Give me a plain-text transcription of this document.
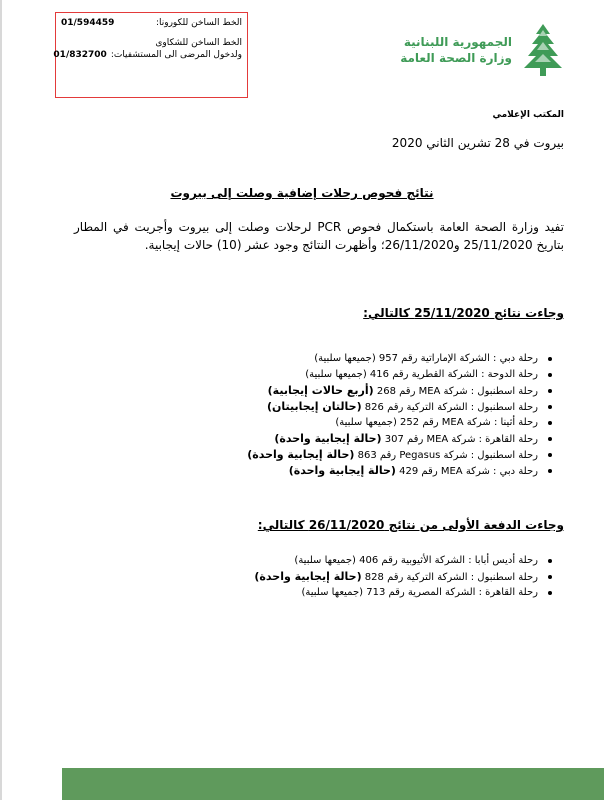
الخط الساخن للكورونا:
01/594459
الخط الساخن للشكاوى
ولدخول المرضى الى المستشفيات:
01/832700
الجمهورية اللبنانية
وزارة الصحة العامة
المكتب الإعلامي
بيروت في 28 تشرين الثاني 2020
نتائج فحوص رحلات إضافية وصلت إلى بيروت
تفيد وزارة الصحة العامة باستكمال فحوص PCR لرحلات وصلت إلى بيروت وأجريت في المطار بتاريخ 25/11/2020 و26/11/2020؛ وأظهرت النتائج وجود عشر (10) حالات إيجابية.
وجاءت نتائج 25/11/2020 كالتالي:
رحلة دبي : الشركة الإماراتية رقم 957 (جميعها سلبية)
رحلة الدوحة : الشركة القطرية رقم 416 (جميعها سلبية)
رحلة اسطنبول : شركة MEA رقم 268 (أربع حالات إيجابية)
رحلة اسطنبول : الشركة التركية رقم 826 (حالتان إيجابيتان)
رحلة أثينا : شركة MEA رقم 252 (جميعها سلبية)
رحلة القاهرة : شركة MEA رقم 307 (حالة إيجابية واحدة)
رحلة اسطنبول : شركة Pegasus رقم 863 (حالة إيجابية واحدة)
رحلة دبي : شركة MEA رقم 429 (حالة إيجابية واحدة)
وجاءت الدفعة الأولى من نتائج 26/11/2020 كالتالي:
رحلة أديس أبابا : الشركة الأثيوبية رقم 406 (جميعها سلبية)
رحلة اسطنبول : الشركة التركية رقم 828 (حالة إيجابية واحدة)
رحلة القاهرة : الشركة المصرية رقم 713 (جميعها سلبية)
